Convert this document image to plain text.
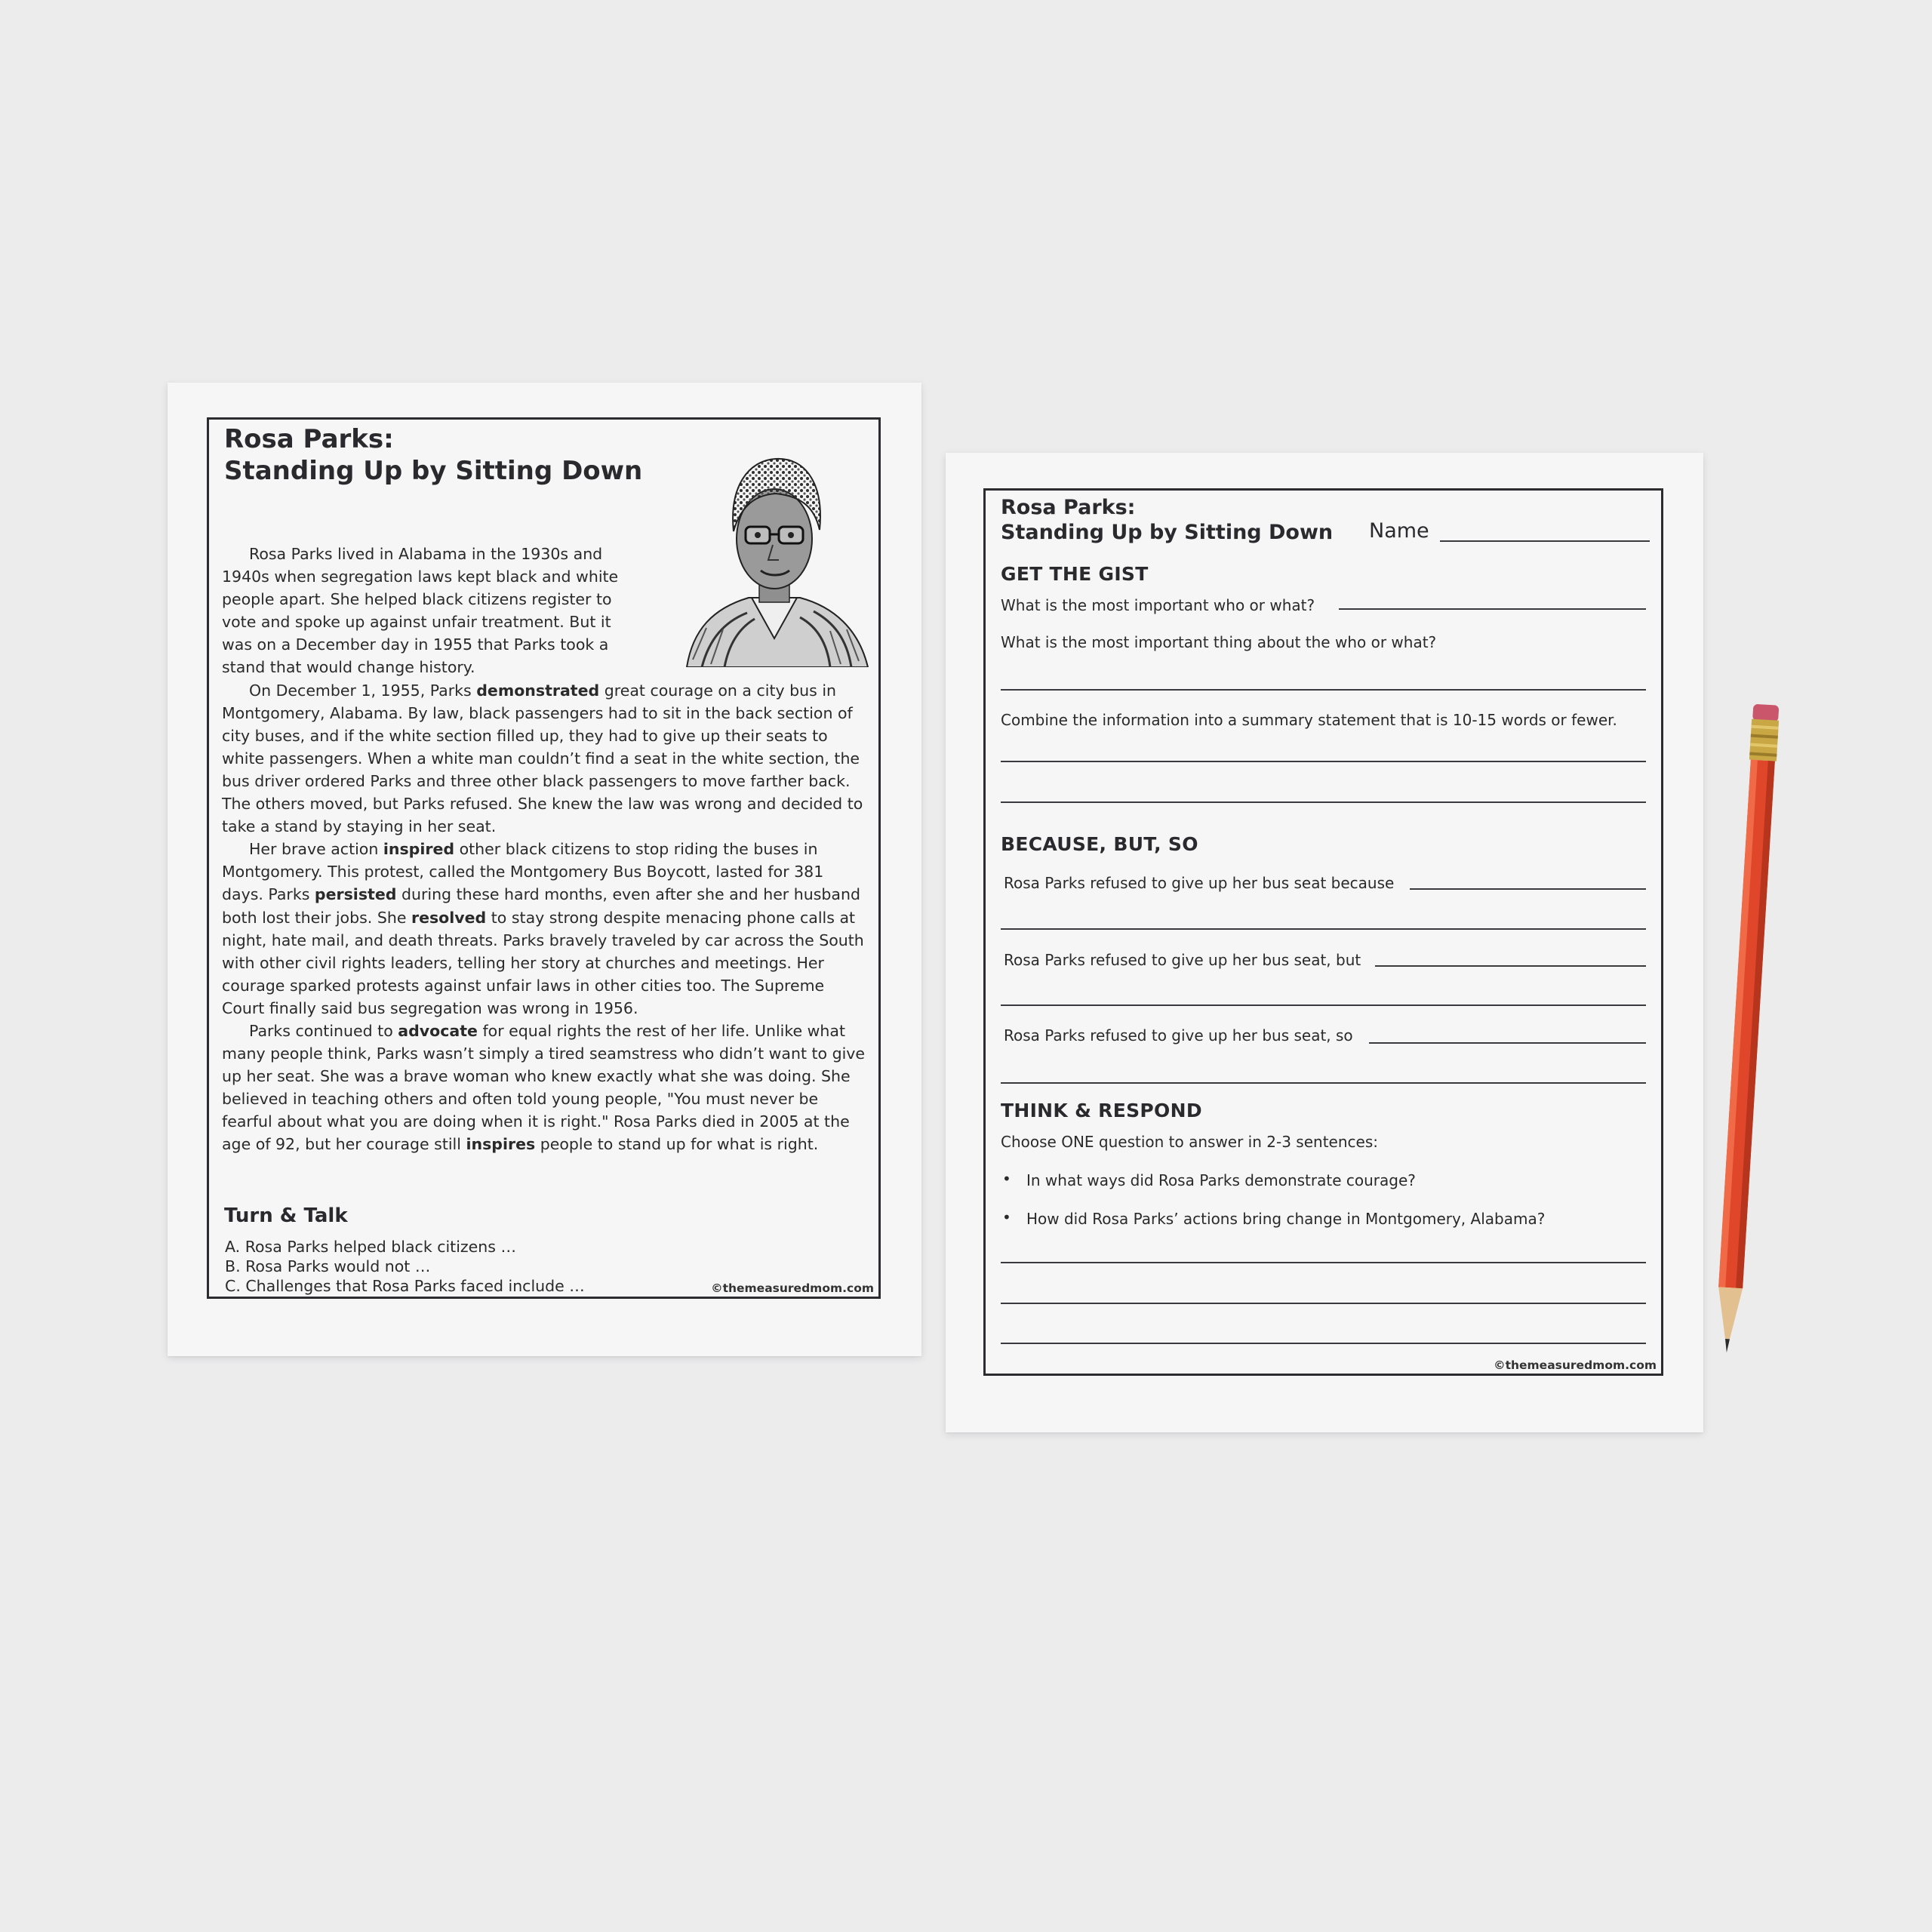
Rosa Parks:
Standing Up by Sitting Down

Rosa Parks lived in Alabama in the 1930s and 1940s when segregation laws kept black and white people apart. She helped black citizens register to vote and spoke up against unfair treatment. But it was on a December day in 1955 that Parks took a stand that would change history.

On December 1, 1955, Parks demonstrated great courage on a city bus in Montgomery, Alabama. By law, black passengers had to sit in the back section of city buses, and if the white section filled up, they had to give up their seats to white passengers. When a white man couldn’t find a seat in the white section, the bus driver ordered Parks and three other black passengers to move farther back. The others moved, but Parks refused. She knew the law was wrong and decided to take a stand by staying in her seat.

Her brave action inspired other black citizens to stop riding the buses in Montgomery. This protest, called the Montgomery Bus Boycott, lasted for 381 days. Parks persisted during these hard months, even after she and her husband both lost their jobs. She resolved to stay strong despite menacing phone calls at night, hate mail, and death threats. Parks bravely traveled by car across the South with other civil rights leaders, telling her story at churches and meetings. Her courage sparked protests against unfair laws in other cities too. The Supreme Court finally said bus segregation was wrong in 1956.

Parks continued to advocate for equal rights the rest of her life. Unlike what many people think, Parks wasn’t simply a tired seamstress who didn’t want to give up her seat. She was a brave woman who knew exactly what she was doing. She believed in teaching others and often told young people, "You must never be fearful about what you are doing when it is right." Rosa Parks died in 2005 at the age of 92, but her courage still inspires people to stand up for what is right.

Turn & Talk
A. Rosa Parks helped black citizens …
B. Rosa Parks would not …
C. Challenges that Rosa Parks faced include …	©themeasuredmom.com
Rosa Parks:
Standing Up by Sitting Down Name
GET THE GIST
What is the most important who or what?
What is the most important thing about the who or what?
Combine the information into a summary statement that is 10-15 words or fewer.
BECAUSE, BUT, SO
Rosa Parks refused to give up her bus seat because
Rosa Parks refused to give up her bus seat, but
Rosa Parks refused to give up her bus seat, so
THINK & RESPOND
Choose ONE question to answer in 2-3 sentences:
• In what ways did Rosa Parks demonstrate courage?
• How did Rosa Parks’ actions bring change in Montgomery, Alabama?
©themeasuredmom.com
